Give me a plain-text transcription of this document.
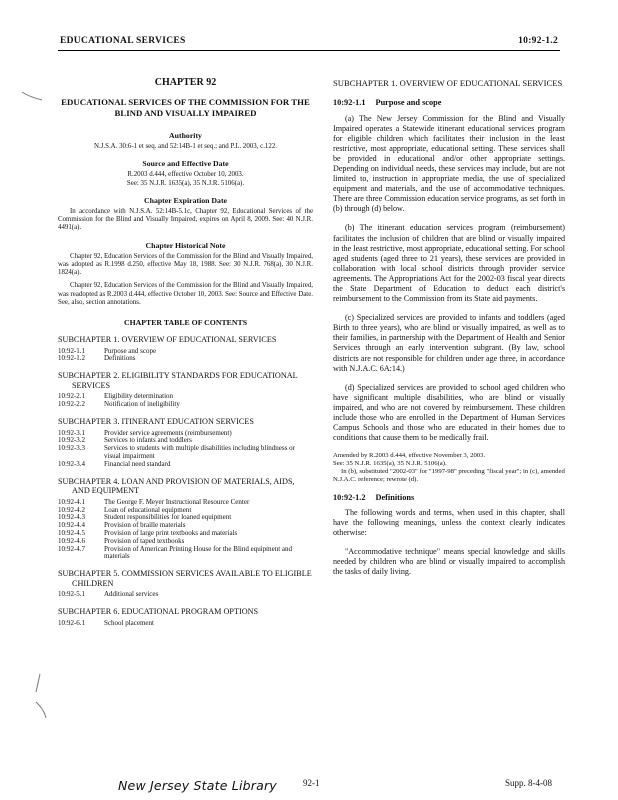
EDUCATIONAL SERVICES	10:92-1.2
CHAPTER 92
EDUCATIONAL SERVICES OF THE COMMISSION FOR THE BLIND AND VISUALLY IMPAIRED
Authority
N.J.S.A. 30:6-1 et seq. and 52:14B-1 et seq.; and P.L. 2003, c.122.
Source and Effective Date
R.2003 d.444, effective October 10, 2003.
See: 35 N.J.R. 1635(a), 35 N.J.R. 5106(a).
Chapter Expiration Date
In accordance with N.J.S.A. 52:14B-5.1c, Chapter 92, Educational Services of the Commission for the Blind and Visually Impaired, expires on April 8, 2009. See: 40 N.J.R. 4491(a).
Chapter Historical Note
Chapter 92, Education Services of the Commission for the Blind and Visually Impaired, was adopted as R.1998 d.250, effective May 18, 1988. See: 30 N.J.R. 768(a), 30 N.J.R. 1824(a).
Chapter 92, Education Services of the Commission for the Blind and Visually Impaired, was readopted as R.2003 d.444, effective October 10, 2003. See: Source and Effective Date. See, also, section annotations.
CHAPTER TABLE OF CONTENTS
SUBCHAPTER 1. OVERVIEW OF EDUCATIONAL SERVICES
10:92-1.1	Purpose and scope
10:92-1.2	Definitions
SUBCHAPTER 2. ELIGIBILITY STANDARDS FOR EDUCATIONAL SERVICES
10:92-2.1	Eligibility determination
10:92-2.2	Notification of ineligibility
SUBCHAPTER 3. ITINERANT EDUCATION SERVICES
10:92-3.1	Provider service agreements (reimbursement)
10:92-3.2	Services to infants and toddlers
10:92-3.3	Services to students with multiple disabilities including blindness or visual impairment
10:92-3.4	Financial need standard
SUBCHAPTER 4. LOAN AND PROVISION OF MATERIALS, AIDS, AND EQUIPMENT
10:92-4.1	The George F. Meyer Instructional Resource Center
10:92-4.2	Loan of educational equipment
10:92-4.3	Student responsibilities for loaned equipment
10:92-4.4	Provision of braille materials
10:92-4.5	Provision of large print textbooks and materials
10:92-4.6	Provision of taped textbooks
10:92-4.7	Provision of American Printing House for the Blind equipment and materials
SUBCHAPTER 5. COMMISSION SERVICES AVAILABLE TO ELIGIBLE CHILDREN
10:92-5.1	Additional services
SUBCHAPTER 6. EDUCATIONAL PROGRAM OPTIONS
10:92-6.1	School placement
SUBCHAPTER 1. OVERVIEW OF EDUCATIONAL SERVICES
10:92-1.1 Purpose and scope

(a) The New Jersey Commission for the Blind and Visually Impaired operates a Statewide itinerant educational services program for eligible children which facilitates their inclusion in the least restrictive, most appropriate, educational setting. These services shall be provided in educational and/or other appropriate settings. Depending on individual needs, these services may include, but are not limited to, instruction in appropriate media, the use of specialized equipment and materials, and the use of accommodative techniques. There are three Commission education service programs, as set forth in (b) through (d) below.

(b) The itinerant education services program (reimbursement) facilitates the inclusion of children that are blind or visually impaired in the least restrictive, most appropriate, educational setting. For school aged students (aged three to 21 years), these services are provided in collaboration with local school districts through provider service agreements. The Appropriations Act for the 2002-03 fiscal year directs the State Department of Education to deduct each district's reimbursement to the Commission from its State aid payments.

(c) Specialized services are provided to infants and toddlers (aged Birth to three years), who are blind or visually impaired, as well as to their families, in partnership with the Department of Health and Senior Services through an early intervention subgrant. (By law, school districts are not responsible for children under age three, in accordance with N.J.A.C. 6A:14.)

(d) Specialized services are provided to school aged children who have significant multiple disabilities, who are blind or visually impaired, and who are not covered by reimbursement. These children include those who are enrolled in the Department of Human Services Campus Schools and those who are educated in their homes due to conditions that cause them to be medically frail.

Amended by R.2003 d.444, effective November 3, 2003.
See: 35 N.J.R. 1635(a), 35 N.J.R. 5106(a).
In (b), substituted "2002-03" for "1997-98" preceding "fiscal year"; in (c), amended N.J.A.C. reference; rewrote (d).
10:92-1.2 Definitions

The following words and terms, when used in this chapter, shall have the following meanings, unless the context clearly indicates otherwise:

"Accommodative technique" means special knowledge and skills needed by children who are blind or visually impaired to accomplish the tasks of daily living.

New Jersey State Library	92-1	Supp. 8-4-08
